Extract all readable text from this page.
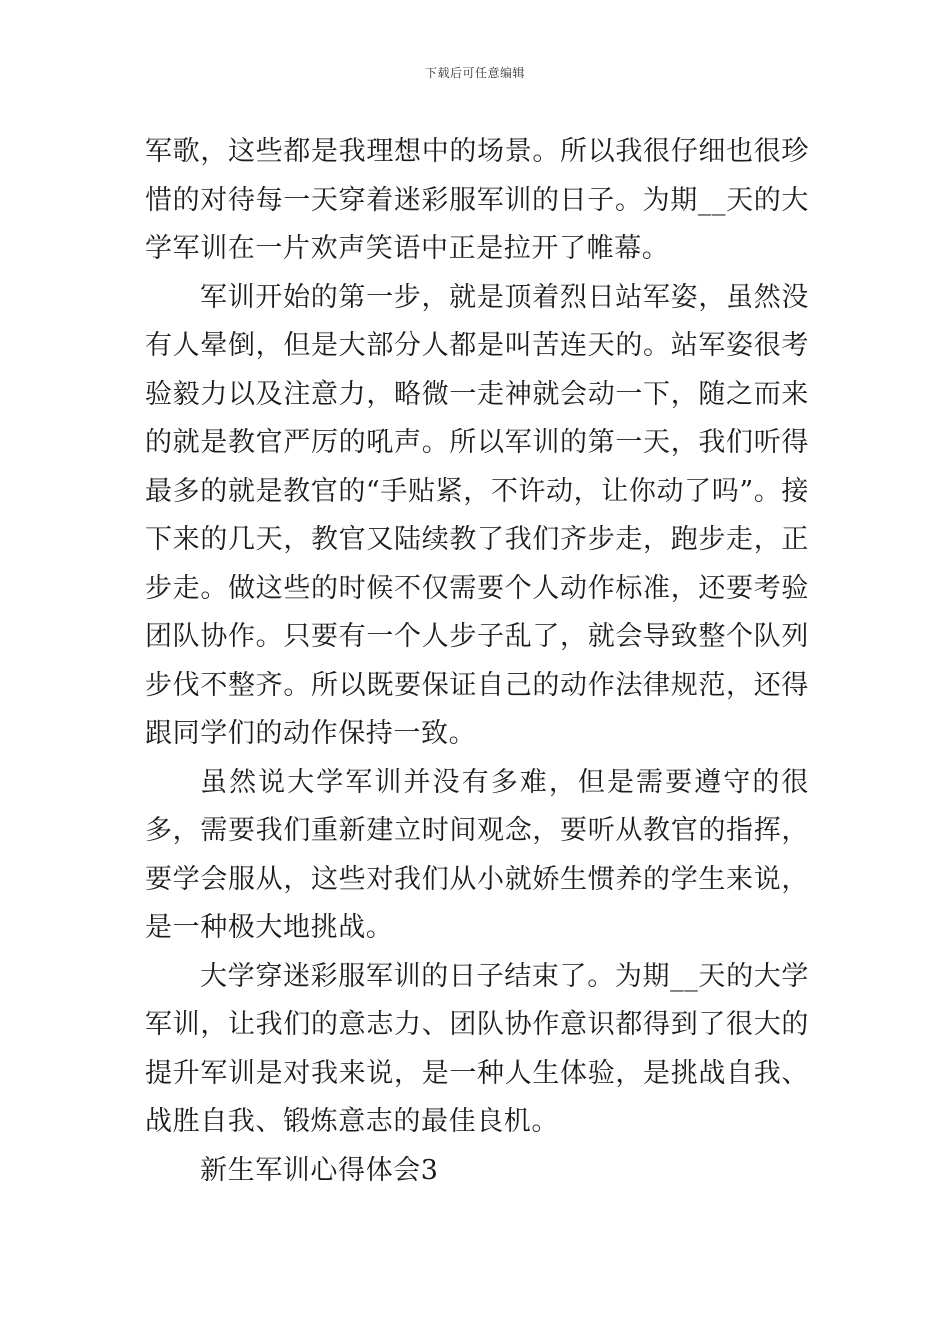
下载后可任意编辑

军歌，这些都是我理想中的场景。所以我很仔细也很珍惜的对待每一天穿着迷彩服军训的日子。为期__天的大学军训在一片欢声笑语中正是拉开了帷幕。

军训开始的第一步，就是顶着烈日站军姿，虽然没有人晕倒，但是大部分人都是叫苦连天的。站军姿很考验毅力以及注意力，略微一走神就会动一下，随之而来的就是教官严厉的吼声。所以军训的第一天，我们听得最多的就是教官的“手贴紧，不许动，让你动了吗”。接下来的几天，教官又陆续教了我们齐步走，跑步走，正步走。做这些的时候不仅需要个人动作标准，还要考验团队协作。只要有一个人步子乱了，就会导致整个队列步伐不整齐。所以既要保证自己的动作法律规范，还得跟同学们的动作保持一致。

虽然说大学军训并没有多难，但是需要遵守的很多，需要我们重新建立时间观念，要听从教官的指挥，要学会服从，这些对我们从小就娇生惯养的学生来说，是一种极大地挑战。

大学穿迷彩服军训的日子结束了。为期__天的大学军训，让我们的意志力、团队协作意识都得到了很大的提升军训是对我来说，是一种人生体验，是挑战自我、战胜自我、锻炼意志的最佳良机。

新生军训心得体会3
